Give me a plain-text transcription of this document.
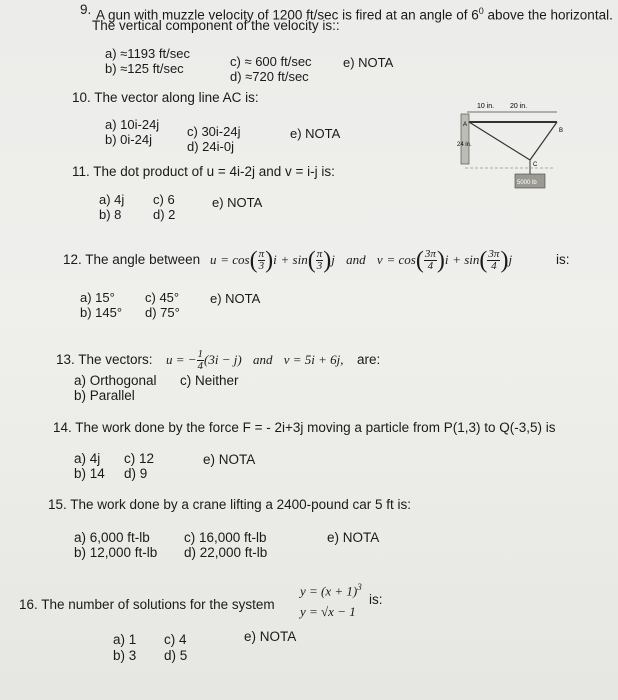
9. A gun with muzzle velocity of 1200 ft/sec is fired at an angle of $6^0$ above the horizontal.
The vertical component of the velocity is::
a) ≈1193 ft/sec
c) ≈ 600 ft/sec e) NOTA
b) ≈125 ft/sec
d) ≈720 ft/sec
10. The vector along line AC is:
a) 10i-24j c) 30i-24j	e) NOTA
b) 0i-24j	d) 24i-0j
10 in. 20 in.
A
B
C
24 in.
5000 lb
11. The dot product of u = 4i-2j and v = i-j is:
a) 4j c) 6	e) NOTA
b) 8 d) 2
12. The angle between $u = \cos( \frac{\pi}{3} )i + \sin( \frac{\pi}{3} )j$ and $v = \cos( \frac{3\pi}{4} )i + \sin( \frac{3\pi}{4} )j$	is:
a) 15° c) 45° e) NOTA
b) 145° d) 75°
13. The vectors: u = − $\frac{1}{4} (3i - j)$ and v = 5i + 6j, are:
a) Orthogonal c) Neither
b) Parallel
14. The work done by the force F = - 2i+3j moving a particle from P(1,3) to Q(-3,5) is
a) 4j c) 12	e) NOTA
b) 14 d) 9
15. The work done by a crane lifting a 2400-pound car 5 ft is:
a) 6,000 ft-lb	c) 16,000 ft-lb	e) NOTA
b) 12,000 ft-lb d) 22,000 ft-lb
16. The number of solutions for the system
$y = (x + 1)^3$
y = √x − 1
is:
a) 1 c) 4	e) NOTA
b) 3 d) 5
